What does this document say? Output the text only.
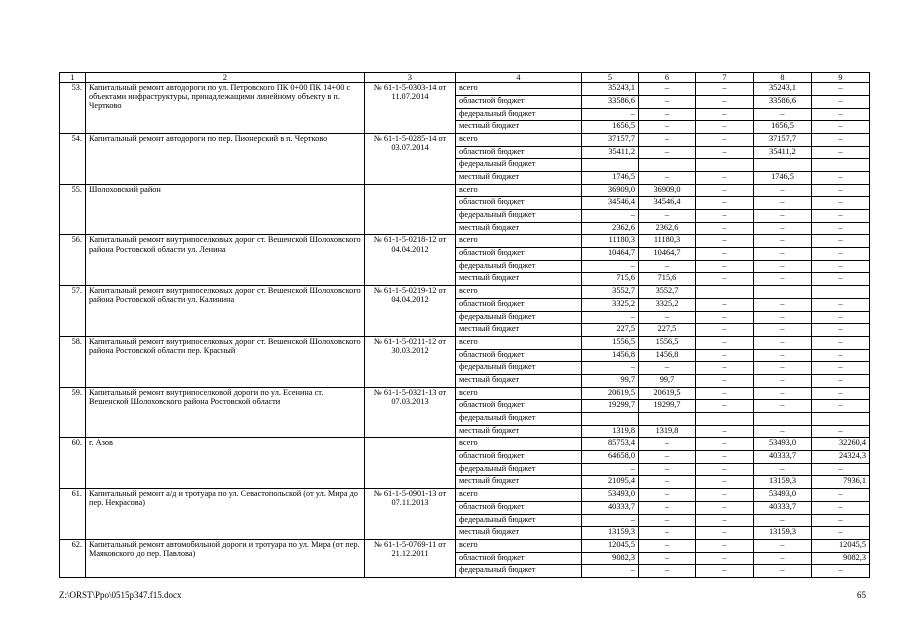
1	2	3	4	5	6	7	8	9
53.	Капитальный ремонт автодороги по ул. Петровского ПК 0+00 ПК 14+00 с объектами инфраструктуры, принадлежащими линейному объекту в п. Чертково	№ 61-1-5-0303-14 от 11.07.2014	всего	35243,1	–	–	35243,1	–
			областной бюджет	33586,6	–	–	33586,6	–
			федеральный бюджет	–	–	–	–	–
			местный бюджет	1656,5	–	–	1656,5	–
54.	Капитальный ремонт автодороги по пер. Пионерский в п. Чертково	№ 61-1-5-0285-14 от 03.07.2014	всего	37157,7	–	–	37157,7	–
			областной бюджет	35411,2	–	–	35411,2	–
			федеральный бюджет					
			местный бюджет	1746,5	–	–	1746,5	–
55.	Шолоховский район		всего	36909,0	36909,0	–	–	–
			областной бюджет	34546,4	34546,4	–	–	–
			федеральный бюджет	–	–	–	–	–
			местный бюджет	2362,6	2362,6	–	–	–
56.	Капитальный ремонт внутрипоселковых дорог ст. Вешенской Шолоховского района Ростовской области ул. Ленина	№ 61-1-5-0218-12 от 04.04.2012	всего	11180,3	11180,3	–	–	–
			областной бюджет	10464,7	10464,7	–	–	–
			федеральный бюджет	–	–	–	–	–
			местный бюджет	715,6	715,6	–	–	–
57.	Капитальный ремонт внутрипоселковых дорог ст. Вешенской Шолоховского района Ростовской области ул. Калинина	№ 61-1-5-0219-12 от 04.04.2012	всего	3552,7	3552,7			
			областной бюджет	3325,2	3325,2	–	–	–
			федеральный бюджет	–	–	–	–	–
			местный бюджет	227,5	227,5	–	–	–
58.	Капитальный ремонт внутрипоселковых дорог ст. Вешенской Шолоховского района Ростовской области пер. Красный	№ 61-1-5-0211-12 от 30.03.2012	всего	1556,5	1556,5	–	–	–
			областной бюджет	1456,8	1456,8	–	–	–
			федеральный бюджет	–	–	–	–	–
			местный бюджет	99,7	99,7	–	–	–
59.	Капитальный ремонт внутрипоселковой дороги по ул. Есенина ст. Вешенской Шолоховского района Ростовской области	№ 61-1-5-0321-13 от 07.03.2013	всего	20619,5	20619,5	–	–	–
			областной бюджет	19299,7	19299,7	–	–	–
			федеральный бюджет					
			местный бюджет	1319,8	1319,8	–	–	–
60.	г. Азов		всего	85753,4	–	–	53493,0	32260,4
			областной бюджет	64658,0	–	–	40333,7	24324,3
			федеральный бюджет	–	–	–	–	–
			местный бюджет	21095,4	–	–	13159,3	7936,1
61.	Капитальный ремонт а/д и тротуара по ул. Севастопольской (от ул. Мира до пер. Некрасова)	№ 61-1-5-0901-13 от 07.11.2013	всего	53493,0	–	–	53493,0	–
			областной бюджет	40333,7	–	–	40333,7	–
			федеральный бюджет	–	–	–	–	–
			местный бюджет	13159,3	–	–	13159,3	–
62.	Капитальный ремонт автомобильной дороги и тротуара по ул. Мира (от пер. Маяковского до пер. Павлова)	№ 61-1-5-0769-11 от 21.12.2011	всего	12045,5	–	–	–	12045,5
			областной бюджет	9082,3	–	–	–	9082,3
			федеральный бюджет	–	–	–	–	–
Z:\ORST\Ppo\0515p347.f15.docx	65
